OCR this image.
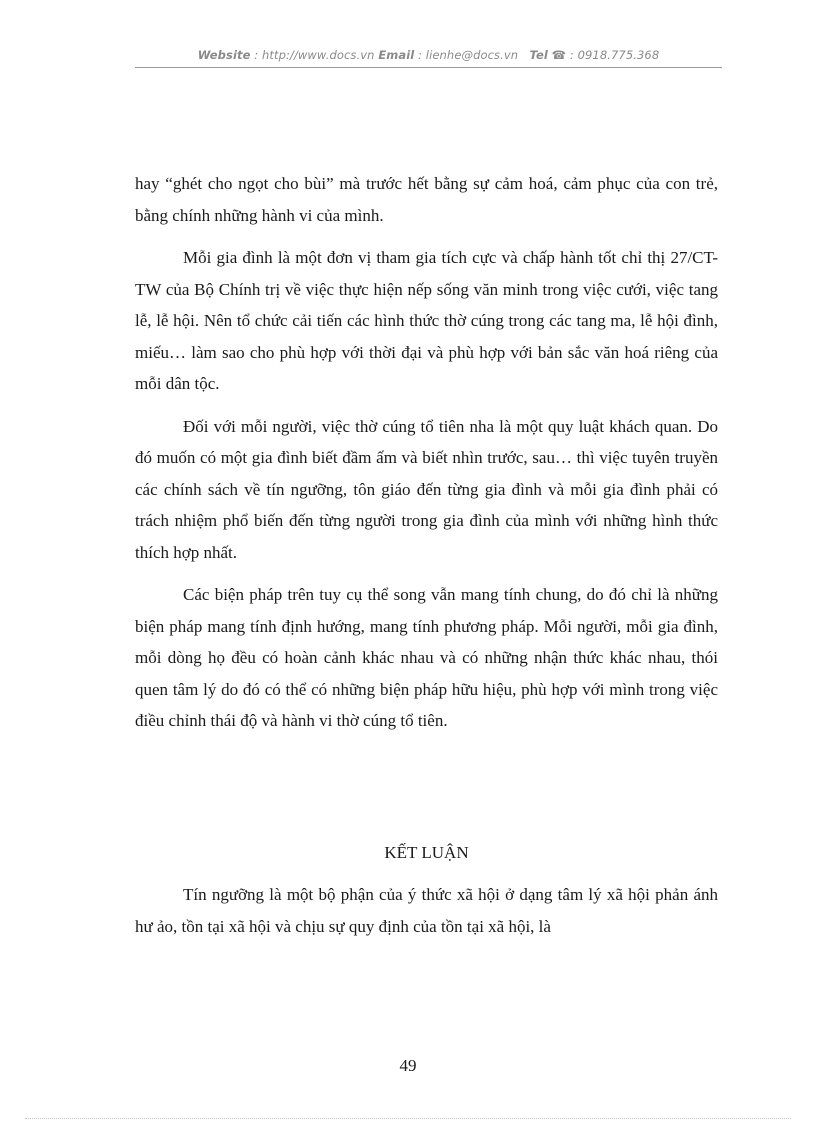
Website : http://www.docs.vn Email : lienhe@docs.vn   Tel ☎ : 0918.775.368

hay “ghét cho ngọt cho bùi” mà trước hết bằng sự cảm hoá, cảm phục của con trẻ, bằng chính những hành vi của mình.

Mỗi gia đình là một đơn vị tham gia tích cực và chấp hành tốt chỉ thị 27/CT-TW của Bộ Chính trị về việc thực hiện nếp sống văn minh trong việc cưới, việc tang lễ, lễ hội. Nên tổ chức cải tiến các hình thức thờ cúng trong các tang ma, lễ hội đình, miếu… làm sao cho phù hợp với thời đại và phù hợp với bản sắc văn hoá riêng của mỗi dân tộc.

Đối với mỗi người, việc thờ cúng tổ tiên nha là một quy luật khách quan. Do đó muốn có một gia đình biết đầm ấm và biết nhìn trước, sau… thì việc tuyên truyền các chính sách về tín ngưỡng, tôn giáo đến từng gia đình và mỗi gia đình phải có trách nhiệm phổ biến đến từng người trong gia đình của mình với những hình thức thích hợp nhất.

Các biện pháp trên tuy cụ thể song vẫn mang tính chung, do đó chỉ là những biện pháp mang tính định hướng, mang tính phương pháp. Mỗi người, mỗi gia đình, mỗi dòng họ đều có hoàn cảnh khác nhau và có những nhận thức khác nhau, thói quen tâm lý do đó có thể có những biện pháp hữu hiệu, phù hợp với mình trong việc điều chỉnh thái độ và hành vi thờ cúng tổ tiên.

KẾT LUẬN

Tín ngưỡng là một bộ phận của ý thức xã hội ở dạng tâm lý xã hội phản ánh hư ảo, tồn tại xã hội và chịu sự quy định của tồn tại xã hội, là

49
